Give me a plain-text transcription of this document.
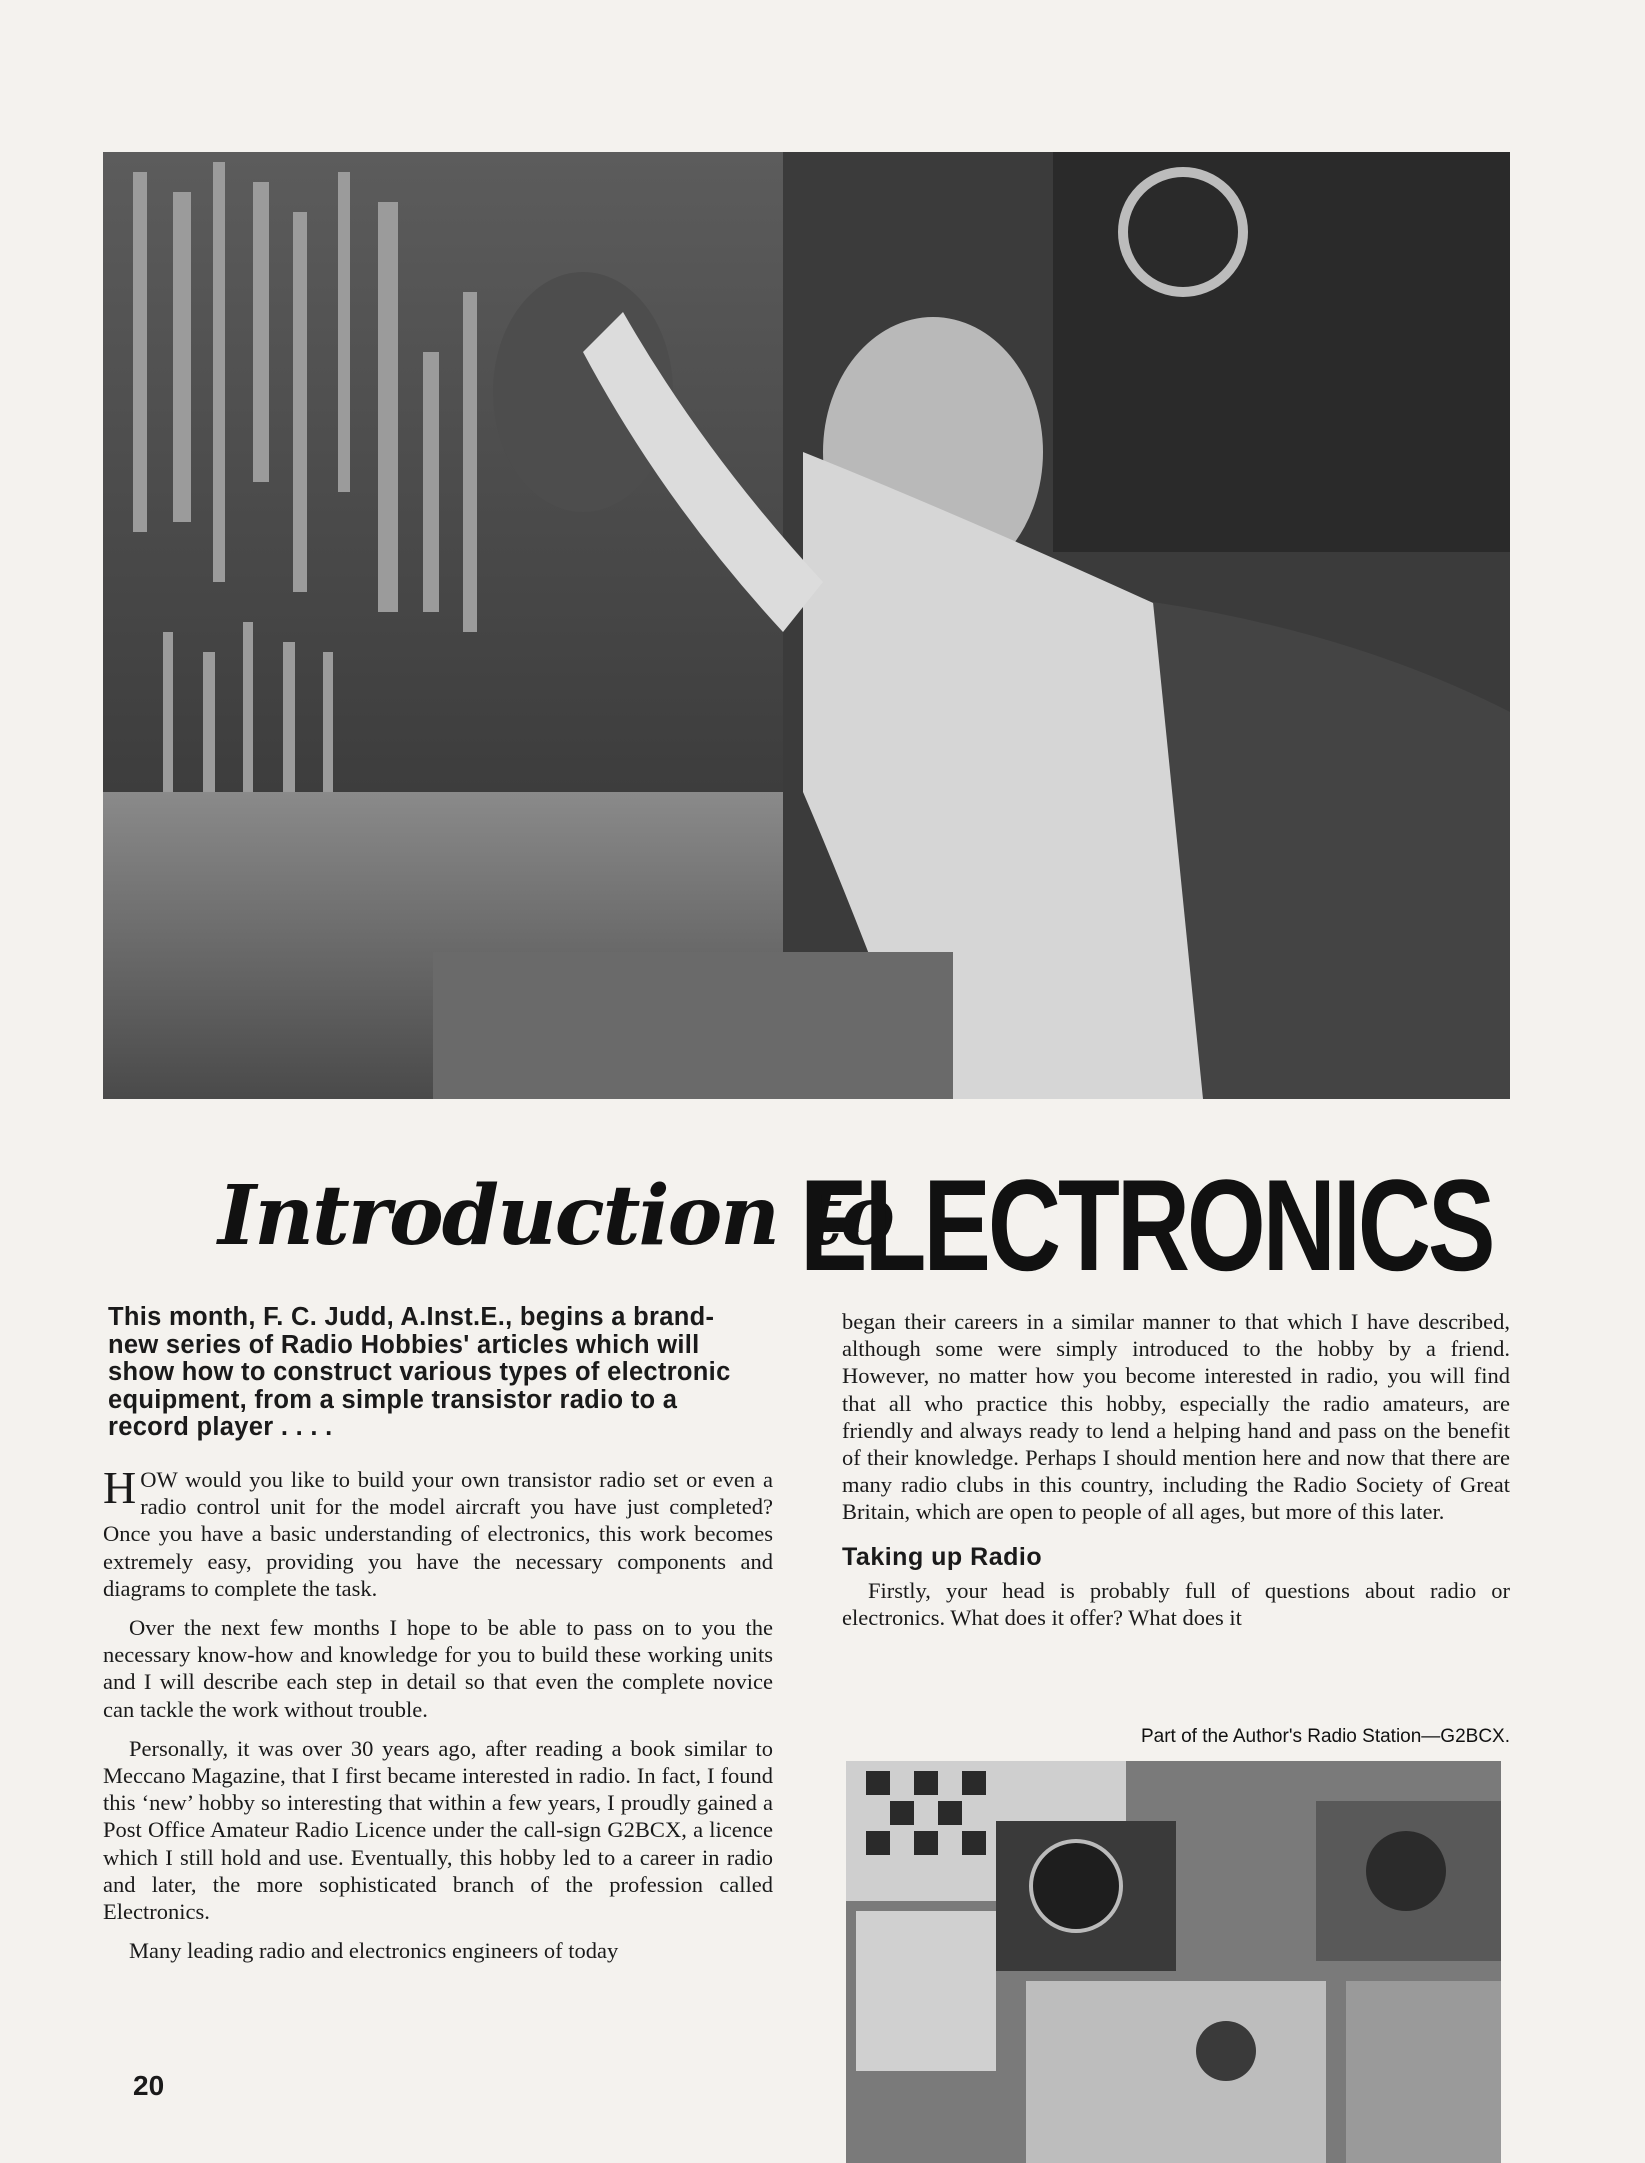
Introduction to
ELECTRONICS
This month, F. C. Judd, A.Inst.E., begins a brand-new series of Radio Hobbies' articles which will show how to construct various types of electronic equipment, from a simple transistor radio to a record player . . . .

HOW would you like to build your own transistor radio set or even a radio control unit for the model aircraft you have just completed? Once you have a basic understanding of electronics, this work becomes extremely easy, providing you have the necessary components and diagrams to complete the task.

Over the next few months I hope to be able to pass on to you the necessary know-how and knowledge for you to build these working units and I will describe each step in detail so that even the complete novice can tackle the work without trouble.

Personally, it was over 30 years ago, after reading a book similar to Meccano Magazine, that I first became interested in radio. In fact, I found this ‘new’ hobby so interesting that within a few years, I proudly gained a Post Office Amateur Radio Licence under the call-sign G2BCX, a licence which I still hold and use. Eventually, this hobby led to a career in radio and later, the more sophisticated branch of the profession called Electronics.

Many leading radio and electronics engineers of today

began their careers in a similar manner to that which I have described, although some were simply introduced to the hobby by a friend. However, no matter how you become interested in radio, you will find that all who practice this hobby, especially the radio amateurs, are friendly and always ready to lend a helping hand and pass on the benefit of their knowledge. Perhaps I should mention here and now that there are many radio clubs in this country, including the Radio Society of Great Britain, which are open to people of all ages, but more of this later.

Taking up Radio

Firstly, your head is probably full of questions about radio or electronics. What does it offer? What does it

Part of the Author's Radio Station—G2BCX.
20
